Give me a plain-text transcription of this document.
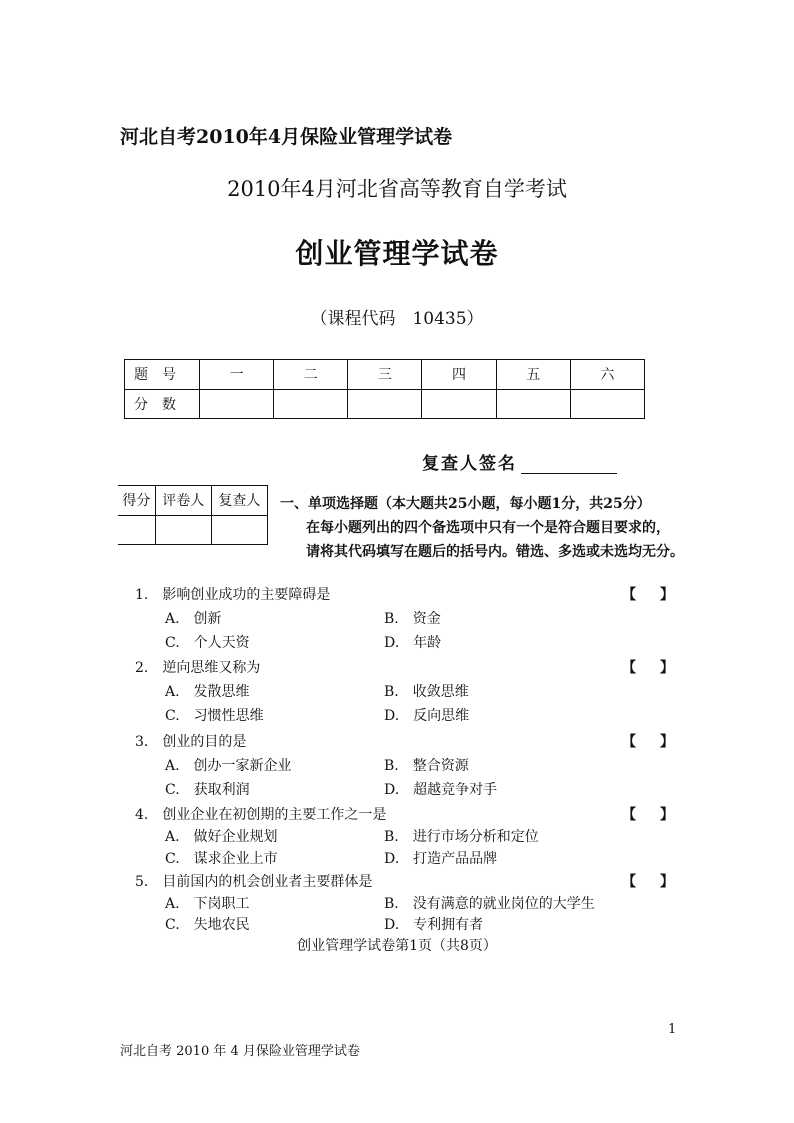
河北自考2010年4月保险业管理学试卷
2010年4月河北省高等教育自学考试
创业管理学试卷
（课程代码　10435）
题号	一	二	三	四	五	六
分数						
复查人签名
得分	评卷人	复查人
		一、单项选择题（本大题共25小题，每小题1分，共25分）
在每小题列出的四个备选项中只有一个是符合题目要求的，
请将其代码填写在题后的括号内。错选、多选或未选均无分。
1.　影响创业成功的主要障碍是	【】
A.　创新	B.　资金
C.　个人天资	D.　年龄
2.　逆向思维又称为	【】
A.　发散思维	B.　收敛思维
C.　习惯性思维	D.　反向思维
3.　创业的目的是	【】
A.　创办一家新企业	B.　整合资源
C.　获取利润	D.　超越竞争对手
4.　创业企业在初创期的主要工作之一是	【】
A.　做好企业规划	B.　进行市场分析和定位
C.　谋求企业上市	D.　打造产品品牌
5.　目前国内的机会创业者主要群体是	【】
A.　下岗职工	B.　没有满意的就业岗位的大学生
C.　失地农民	D.　专利拥有者
创业管理学试卷第1页（共8页）
1
河北自考 2010 年 4 月保险业管理学试卷
